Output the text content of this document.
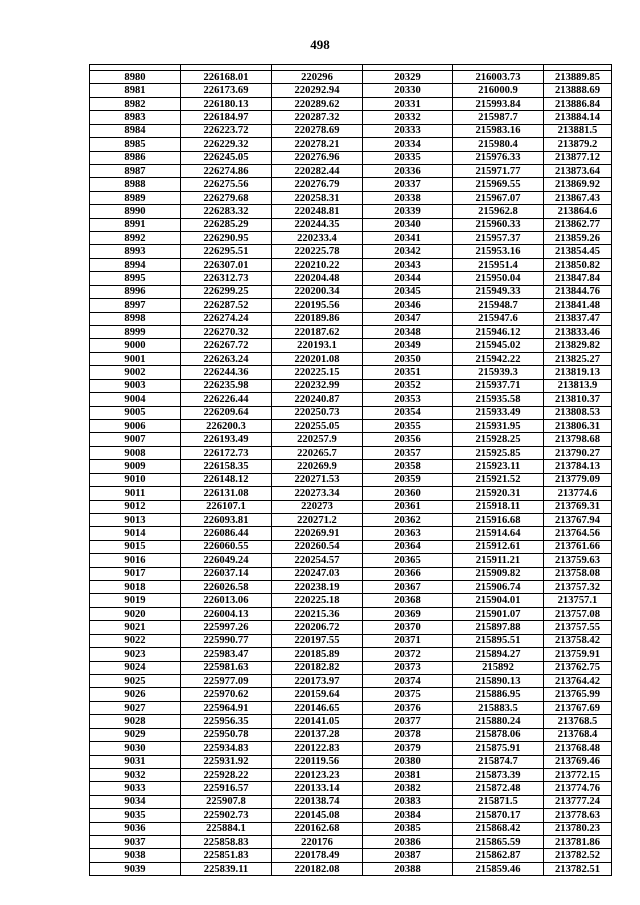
498

8980	226168.01	220296	20329	216003.73	213889.85
8981	226173.69	220292.94	20330	216000.9	213888.69
8982	226180.13	220289.62	20331	215993.84	213886.84
8983	226184.97	220287.32	20332	215987.7	213884.14
8984	226223.72	220278.69	20333	215983.16	213881.5
8985	226229.32	220278.21	20334	215980.4	213879.2
8986	226245.05	220276.96	20335	215976.33	213877.12
8987	226274.86	220282.44	20336	215971.77	213873.64
8988	226275.56	220276.79	20337	215969.55	213869.92
8989	226279.68	220258.31	20338	215967.07	213867.43
8990	226283.32	220248.81	20339	215962.8	213864.6
8991	226285.29	220244.35	20340	215960.33	213862.77
8992	226290.95	220233.4	20341	215957.37	213859.26
8993	226295.51	220225.78	20342	215953.16	213854.45
8994	226307.01	220210.22	20343	215951.4	213850.82
8995	226312.73	220204.48	20344	215950.04	213847.84
8996	226299.25	220200.34	20345	215949.33	213844.76
8997	226287.52	220195.56	20346	215948.7	213841.48
8998	226274.24	220189.86	20347	215947.6	213837.47
8999	226270.32	220187.62	20348	215946.12	213833.46
9000	226267.72	220193.1	20349	215945.02	213829.82
9001	226263.24	220201.08	20350	215942.22	213825.27
9002	226244.36	220225.15	20351	215939.3	213819.13
9003	226235.98	220232.99	20352	215937.71	213813.9
9004	226226.44	220240.87	20353	215935.58	213810.37
9005	226209.64	220250.73	20354	215933.49	213808.53
9006	226200.3	220255.05	20355	215931.95	213806.31
9007	226193.49	220257.9	20356	215928.25	213798.68
9008	226172.73	220265.7	20357	215925.85	213790.27
9009	226158.35	220269.9	20358	215923.11	213784.13
9010	226148.12	220271.53	20359	215921.52	213779.09
9011	226131.08	220273.34	20360	215920.31	213774.6
9012	226107.1	220273	20361	215918.11	213769.31
9013	226093.81	220271.2	20362	215916.68	213767.94
9014	226086.44	220269.91	20363	215914.64	213764.56
9015	226060.55	220260.54	20364	215912.61	213761.66
9016	226049.24	220254.57	20365	215911.21	213759.63
9017	226037.14	220247.03	20366	215909.82	213758.08
9018	226026.58	220238.19	20367	215906.74	213757.32
9019	226013.06	220225.18	20368	215904.01	213757.1
9020	226004.13	220215.36	20369	215901.07	213757.08
9021	225997.26	220206.72	20370	215897.88	213757.55
9022	225990.77	220197.55	20371	215895.51	213758.42
9023	225983.47	220185.89	20372	215894.27	213759.91
9024	225981.63	220182.82	20373	215892	213762.75
9025	225977.09	220173.97	20374	215890.13	213764.42
9026	225970.62	220159.64	20375	215886.95	213765.99
9027	225964.91	220146.65	20376	215883.5	213767.69
9028	225956.35	220141.05	20377	215880.24	213768.5
9029	225950.78	220137.28	20378	215878.06	213768.4
9030	225934.83	220122.83	20379	215875.91	213768.48
9031	225931.92	220119.56	20380	215874.7	213769.46
9032	225928.22	220123.23	20381	215873.39	213772.15
9033	225916.57	220133.14	20382	215872.48	213774.76
9034	225907.8	220138.74	20383	215871.5	213777.24
9035	225902.73	220145.08	20384	215870.17	213778.63
9036	225884.1	220162.68	20385	215868.42	213780.23
9037	225858.83	220176	20386	215865.59	213781.86
9038	225851.83	220178.49	20387	215862.87	213782.52
9039	225839.11	220182.08	20388	215859.46	213782.51
